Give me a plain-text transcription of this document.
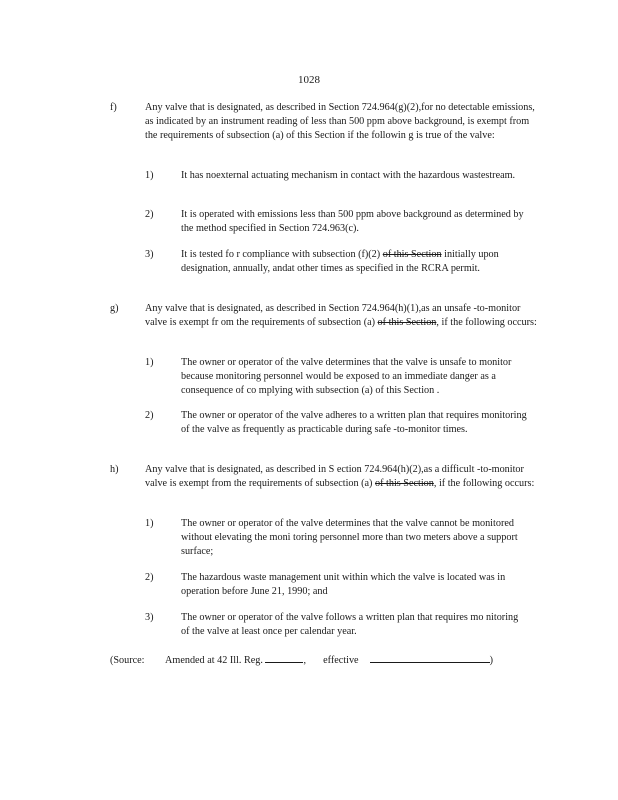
1028
f)	Any valve that is designated, as described in Section 724.964(g)(2),for no detectable emissions, as indicated by an instrument reading of less than 500 ppm above background, is exempt from the requirements of subsection (a) of this Section if the followin g is true of the valve:
1)	It has noexternal actuating mechanism in contact with the hazardous wastestream.
2)	It is operated with emissions less than 500 ppm above background as determined by the method specified in Section 724.963(c).
3)	It is tested fo r compliance with subsection (f)(2) of this Section initially upon designation, annually, andat other times as specified in the RCRA permit.
g)	Any valve that is designated, as described in Section 724.964(h)(1),as an unsafe -to-monitor valve is exempt fr om the requirements of subsection (a) of this Section, if the following occurs:
1)	The owner or operator of the valve determines that the valve is unsafe to monitor because monitoring personnel would be exposed to an immediate danger as a consequence of co mplying with subsection (a) of this Section .
2)	The owner or operator of the valve adheres to a written plan that requires monitoring of the valve as frequently as practicable during safe -to-monitor times.
h)	Any valve that is designated, as described in S ection 724.964(h)(2),as a difficult -to-monitor valve is exempt from the requirements of subsection (a) of this Section, if the following occurs:
1)	The owner or operator of the valve determines that the valve cannot be monitored without elevating the moni toring personnel more than two meters above a support surface;
2)	The hazardous waste management unit within which the valve is located was in operation before June 21, 1990; and
3)	The owner or operator of the valve follows a written plan that requires mo nitoring of the valve at least once per calendar year.
(Source: Amended at 42 Ill. Reg.	, effective	)
